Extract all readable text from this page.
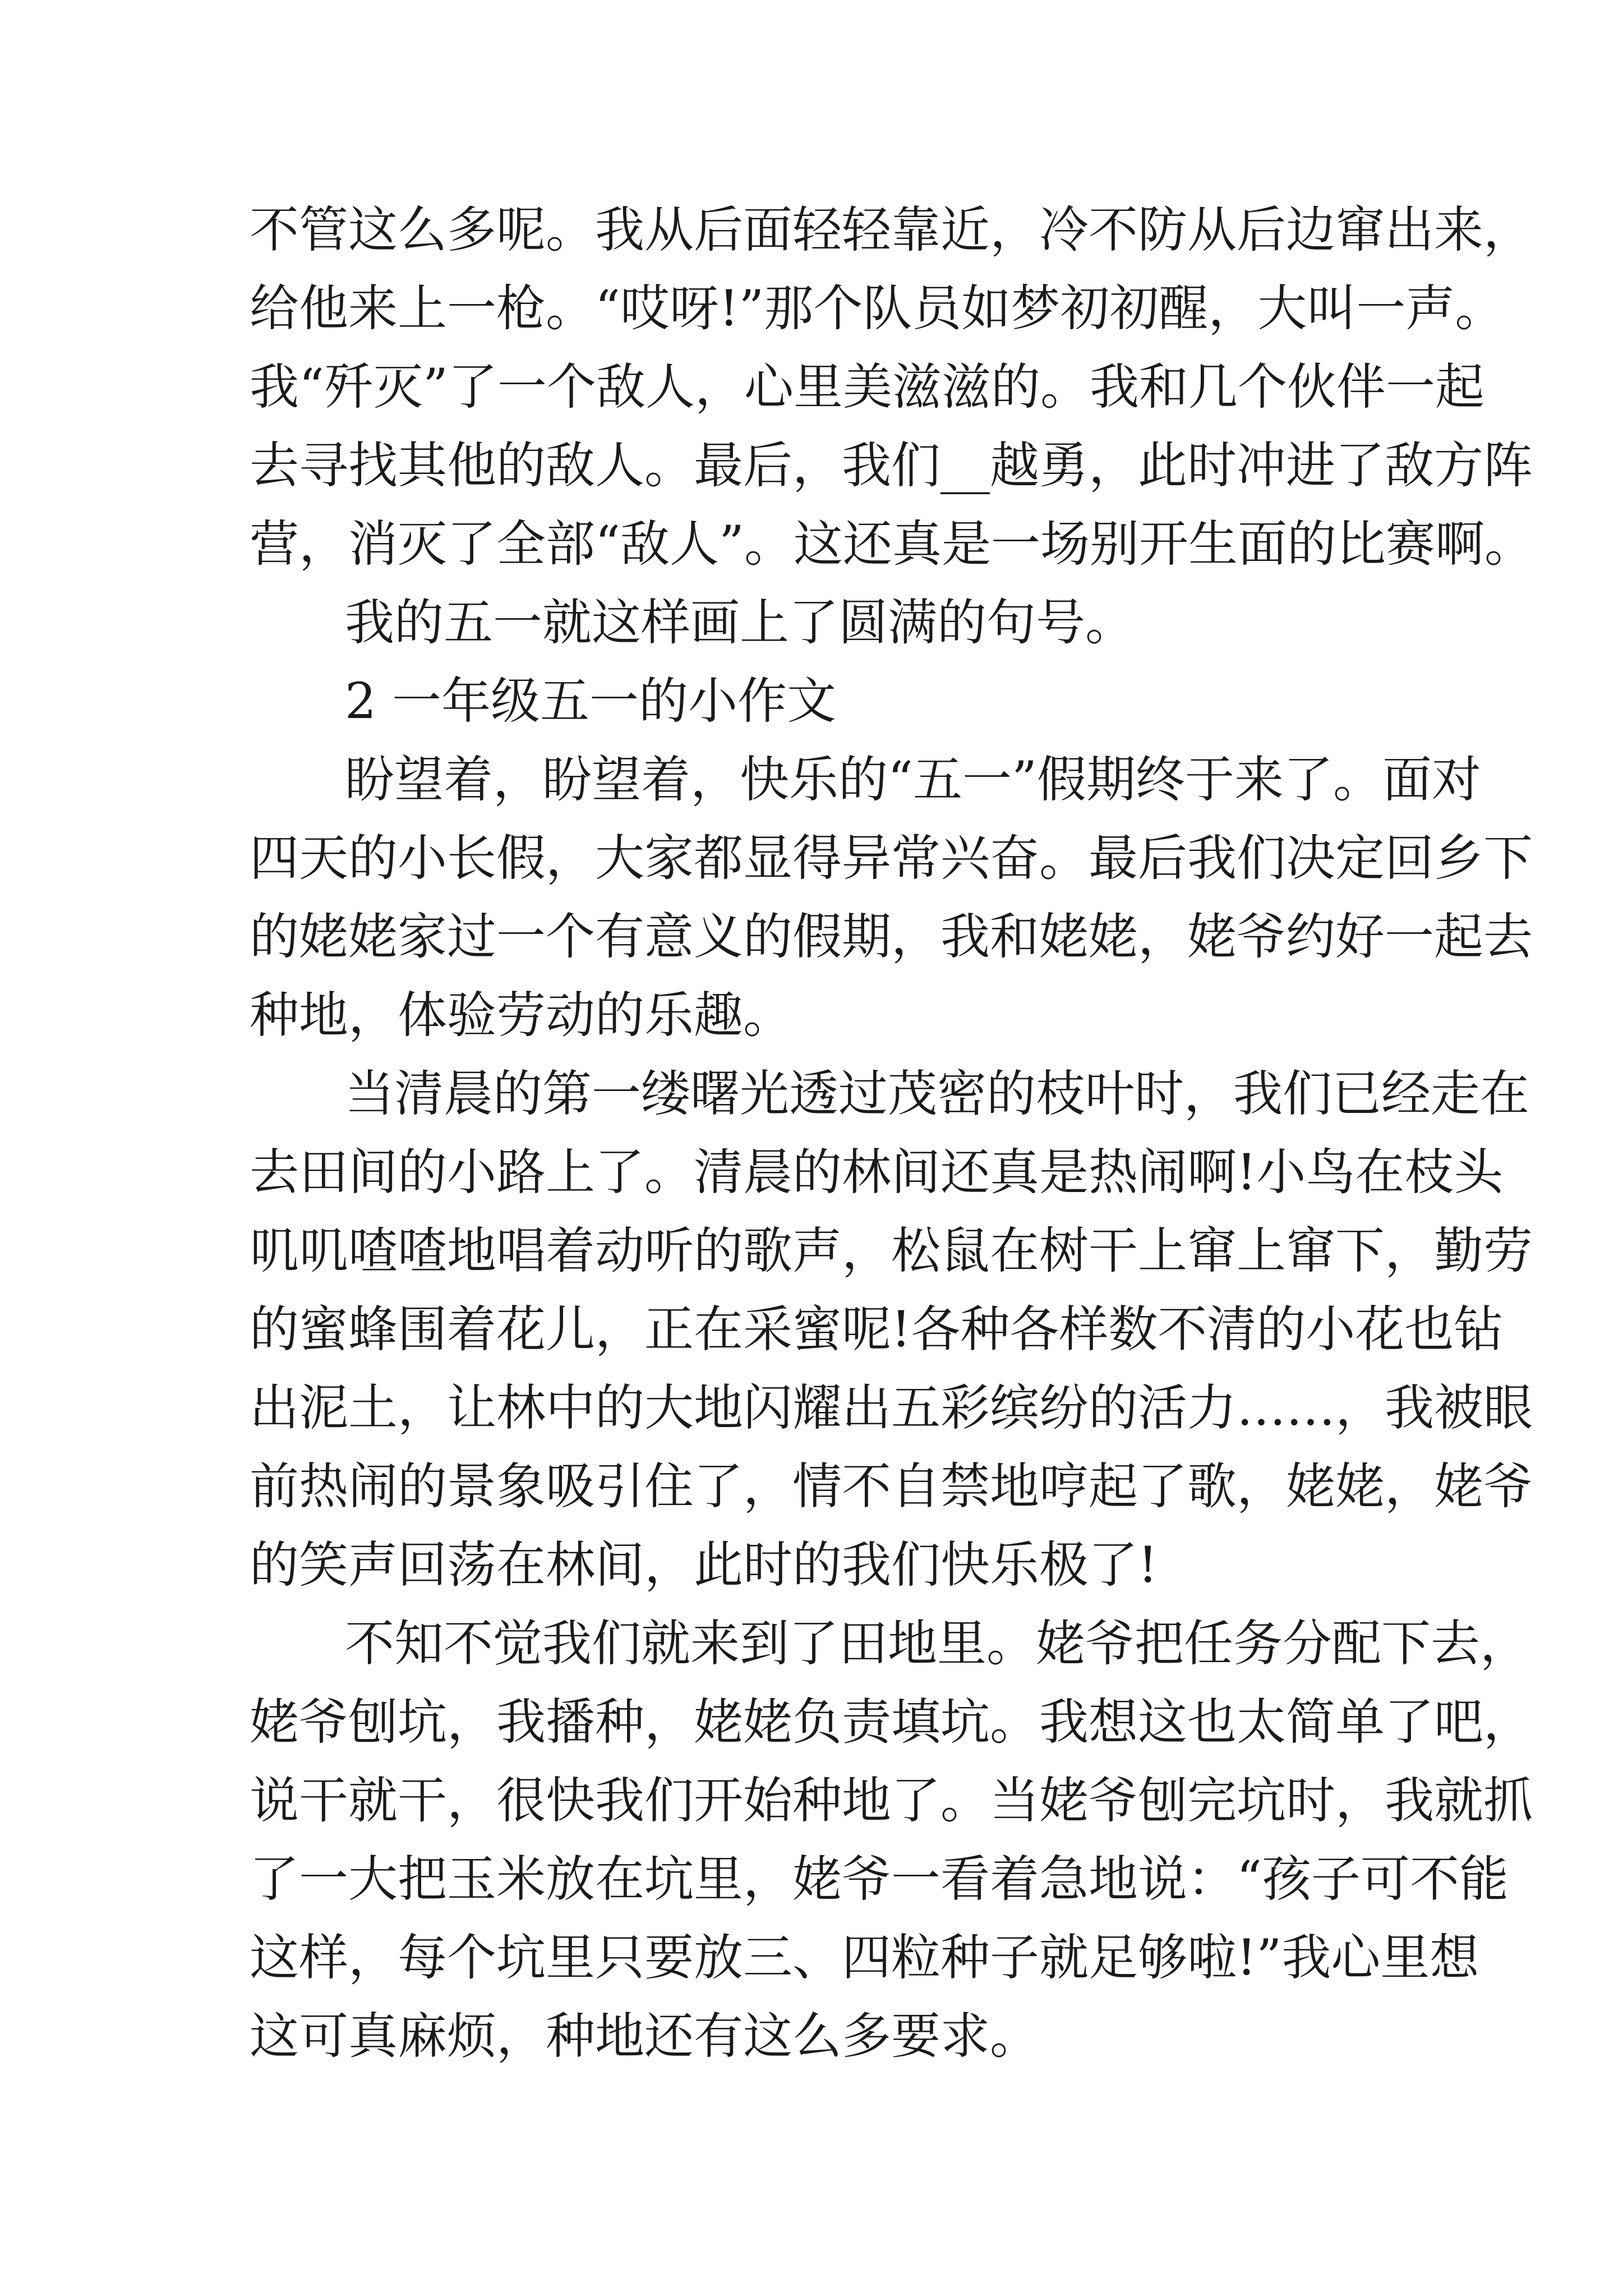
不管这么多呢。我从后面轻轻靠近，冷不防从后边窜出来，
给他来上一枪。“哎呀!”那个队员如梦初初醒，大叫一声。
我“歼灭”了一个敌人，心里美滋滋的。我和几个伙伴一起
去寻找其他的敌人。最后，我们__越勇，此时冲进了敌方阵
营，消灭了全部“敌人”。这还真是一场别开生面的比赛啊。
我的五一就这样画上了圆满的句号。
2 一年级五一的小作文
盼望着，盼望着，快乐的“五一”假期终于来了。面对
四天的小长假，大家都显得异常兴奋。最后我们决定回乡下
的姥姥家过一个有意义的假期，我和姥姥，姥爷约好一起去
种地，体验劳动的乐趣。
当清晨的第一缕曙光透过茂密的枝叶时，我们已经走在
去田间的小路上了。清晨的林间还真是热闹啊!小鸟在枝头
叽叽喳喳地唱着动听的歌声，松鼠在树干上窜上窜下，勤劳
的蜜蜂围着花儿，正在采蜜呢!各种各样数不清的小花也钻
出泥土，让林中的大地闪耀出五彩缤纷的活力……，我被眼
前热闹的景象吸引住了，情不自禁地哼起了歌，姥姥，姥爷
的笑声回荡在林间，此时的我们快乐极了!
不知不觉我们就来到了田地里。姥爷把任务分配下去，
姥爷刨坑，我播种，姥姥负责填坑。我想这也太简单了吧，
说干就干，很快我们开始种地了。当姥爷刨完坑时，我就抓
了一大把玉米放在坑里，姥爷一看着急地说：“孩子可不能
这样，每个坑里只要放三、四粒种子就足够啦!”我心里想
这可真麻烦，种地还有这么多要求。
